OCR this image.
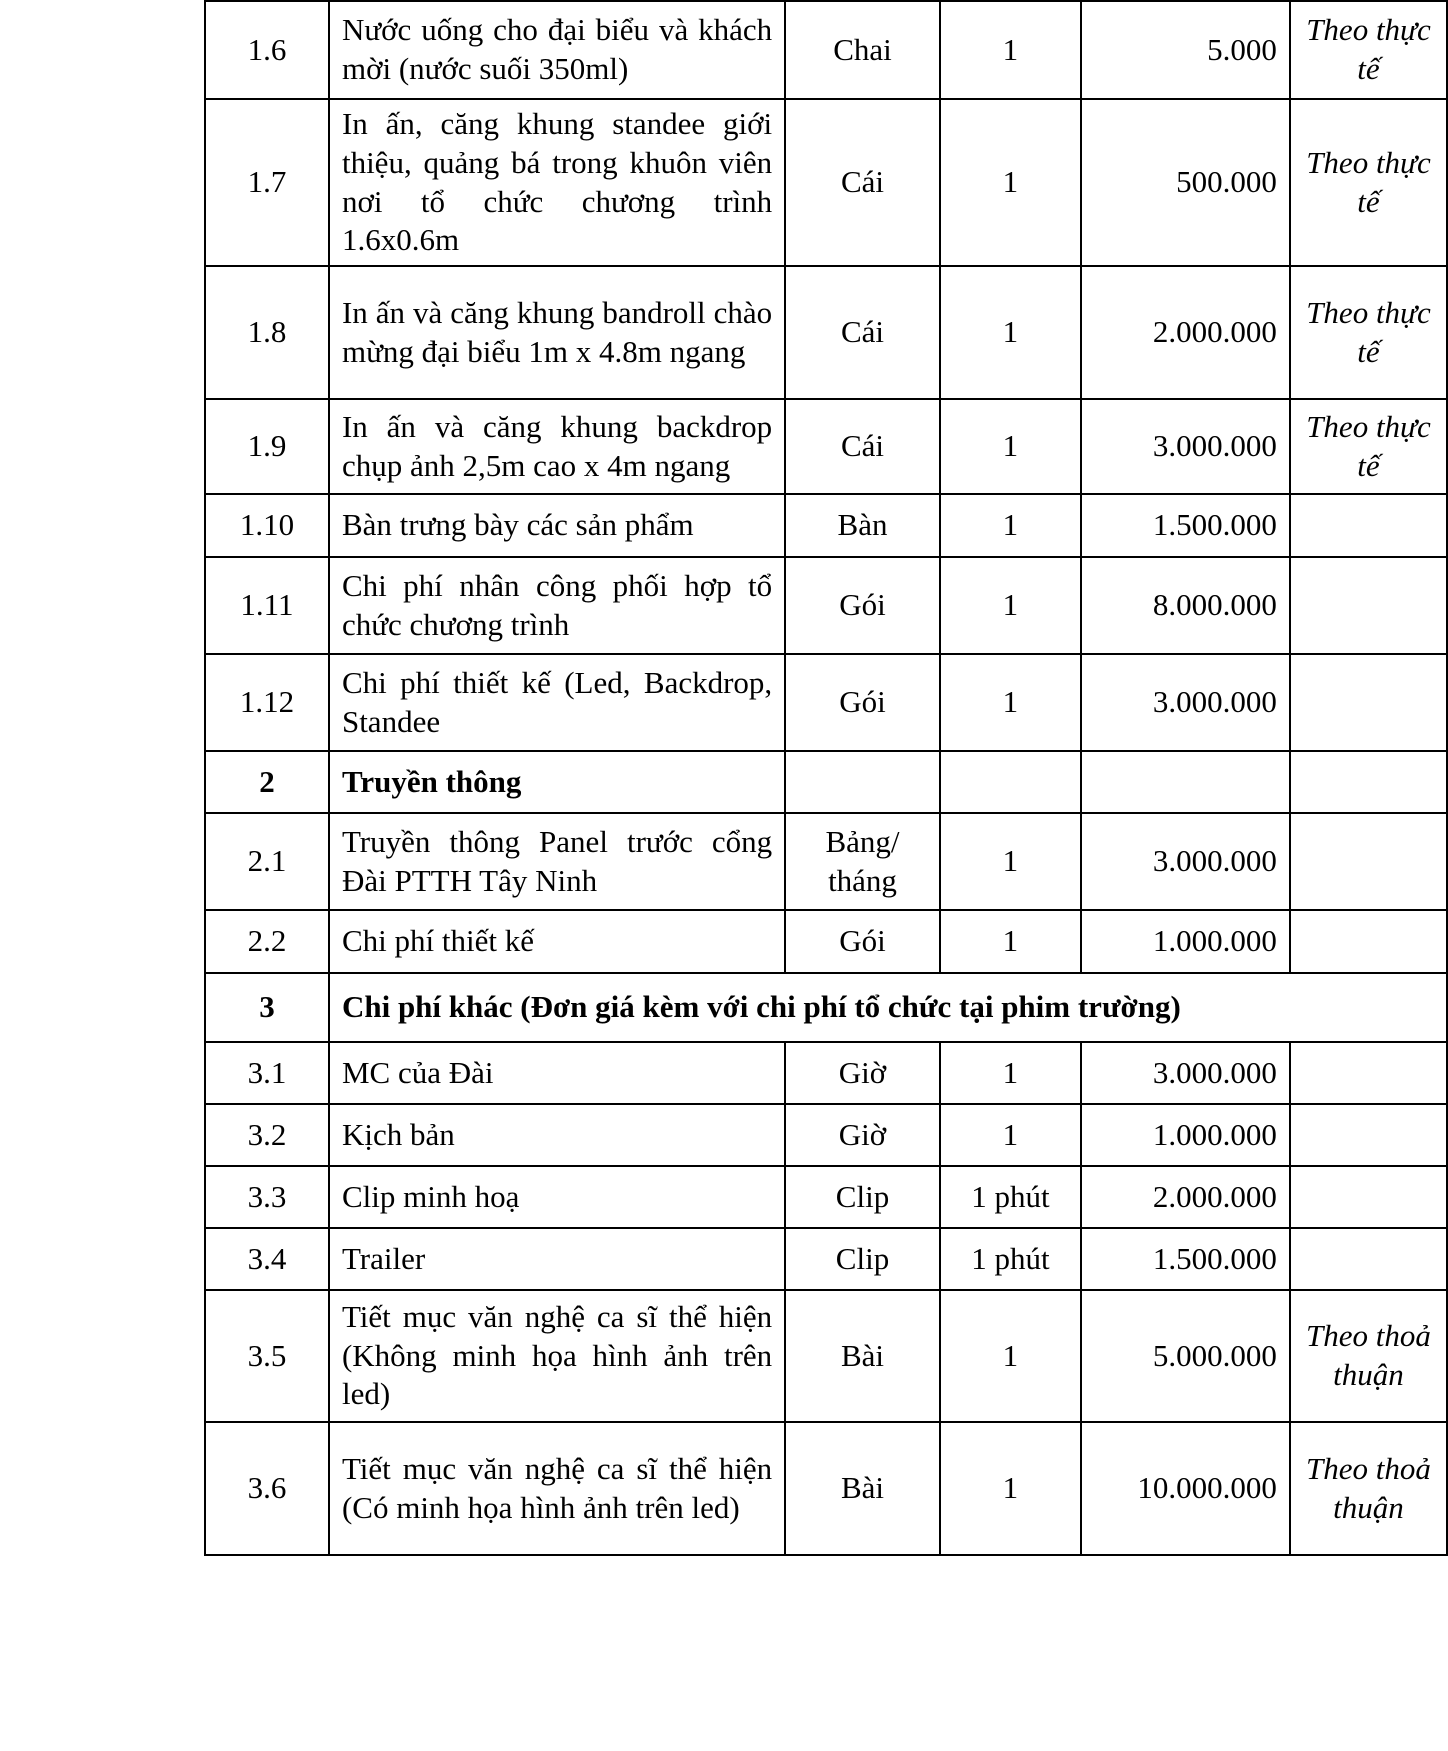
1.6	Nước uống cho đại biểu và khách mời (nước suối 350ml)	Chai	1	5.000	Theo thực tế
1.7	In ấn, căng khung standee giới thiệu, quảng bá trong khuôn viên nơi tổ chức chương trình 1.6x0.6m	Cái	1	500.000	Theo thực tế
1.8	In ấn và căng khung bandroll chào mừng đại biểu 1m x 4.8m ngang	Cái	1	2.000.000	Theo thực tế
1.9	In ấn và căng khung backdrop chụp ảnh 2,5m cao x 4m ngang	Cái	1	3.000.000	Theo thực tế
1.10	Bàn trưng bày các sản phẩm	Bàn	1	1.500.000	
1.11	Chi phí nhân công phối hợp tổ chức chương trình	Gói	1	8.000.000	
1.12	Chi phí thiết kế (Led, Backdrop, Standee	Gói	1	3.000.000	
2	Truyền thông				
2.1	Truyền thông Panel trước cổng Đài PTTH Tây Ninh	Bảng/ tháng	1	3.000.000	
2.2	Chi phí thiết kế	Gói	1	1.000.000	
3	Chi phí khác (Đơn giá kèm với chi phí tổ chức tại phim trường)				
3.1	MC của Đài	Giờ	1	3.000.000	
3.2	Kịch bản	Giờ	1	1.000.000	
3.3	Clip minh hoạ	Clip	1 phút	2.000.000	
3.4	Trailer	Clip	1 phút	1.500.000	
3.5	Tiết mục văn nghệ ca sĩ thể hiện (Không minh họa hình ảnh trên led)	Bài	1	5.000.000	Theo thoả thuận
3.6	Tiết mục văn nghệ ca sĩ thể hiện (Có minh họa hình ảnh trên led)	Bài	1	10.000.000	Theo thoả thuận
